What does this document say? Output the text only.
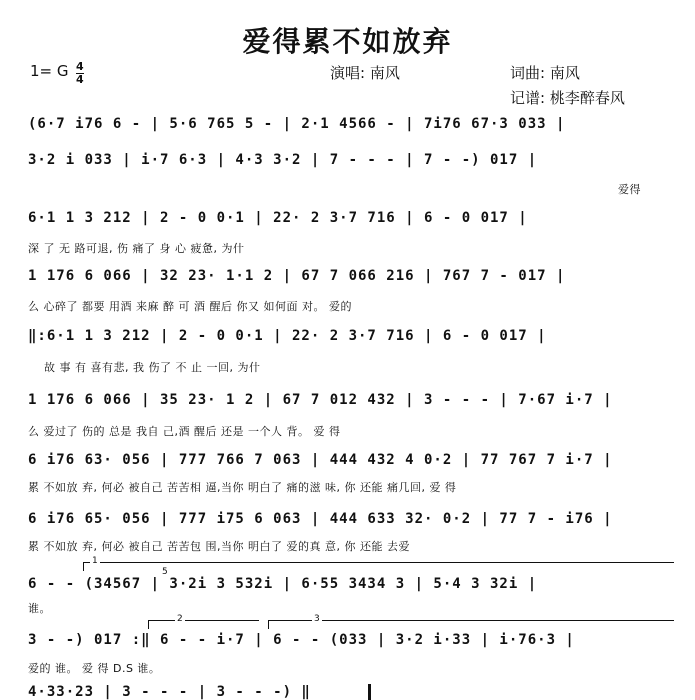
爱得累不如放弃
1= G 4
4	演唱: 南风	词曲: 南风
记谱: 桃李醉春风
(6·7 i76 6 - | 5·6 765 5 - | 2·1 4566 - | 7i76 67·3 033 |
3·2 i 033 | i·7 6·3 | 4·3 3·2 | 7 - - - | 7 - -) 017 |
爱得
6·1 1 3 212 | 2 - 0 0·1 | 22· 2 3·7 716 | 6 - 0 017 |
深 了 无 路可退, 伤 痛了 身 心 疲惫, 为什
1 176 6 066 | 32 23· 1·1 2 | 67 7 066 216 | 767 7 - 017 |
么 心碎了 都要 用酒 来麻 醉 可 酒 醒后 你又 如何面 对。 爱的
‖:6·1 1 3 212 | 2 - 0 0·1 | 22· 2 3·7 716 | 6 - 0 017 |
故 事 有 喜有悲, 我 伤了 不 止 一回, 为什
1 176 6 066 | 35 23· 1 2 | 67 7 012 432 | 3 - - - | 7·67 i·7 |
么 爱过了 伤的 总是 我自 己,酒 醒后 还是 一个人 背。 爱 得
6 i76 63· 056 | 777 766 7 063 | 444 432 4 0·2 | 77 767 7 i·7 |
累 不如放 弃, 何必 被自己 苦苦相 逼,当你 明白了 痛的滋 味, 你 还能 痛几回, 爱 得
6 i76 65· 056 | 777 i75 6 063 | 444 633 32· 0·2 | 77 7 - i76 |
累 不如放 弃, 何必 被自己 苦苦包 围,当你 明白了 爱的真 意, 你 还能 去爱
1
5
6 - - (34567 | 3·2i 3 532i | 6·55 3434 3 | 5·4 3 32i |
谁。
2	3
3 - -) 017 :‖ 6 - - i·7 | 6 - - (033 | 3·2 i·33 | i·76·3 |
爱的 谁。 爱 得 D.S 谁。
4·33·23 | 3 - - - | 3 - - -) ‖
